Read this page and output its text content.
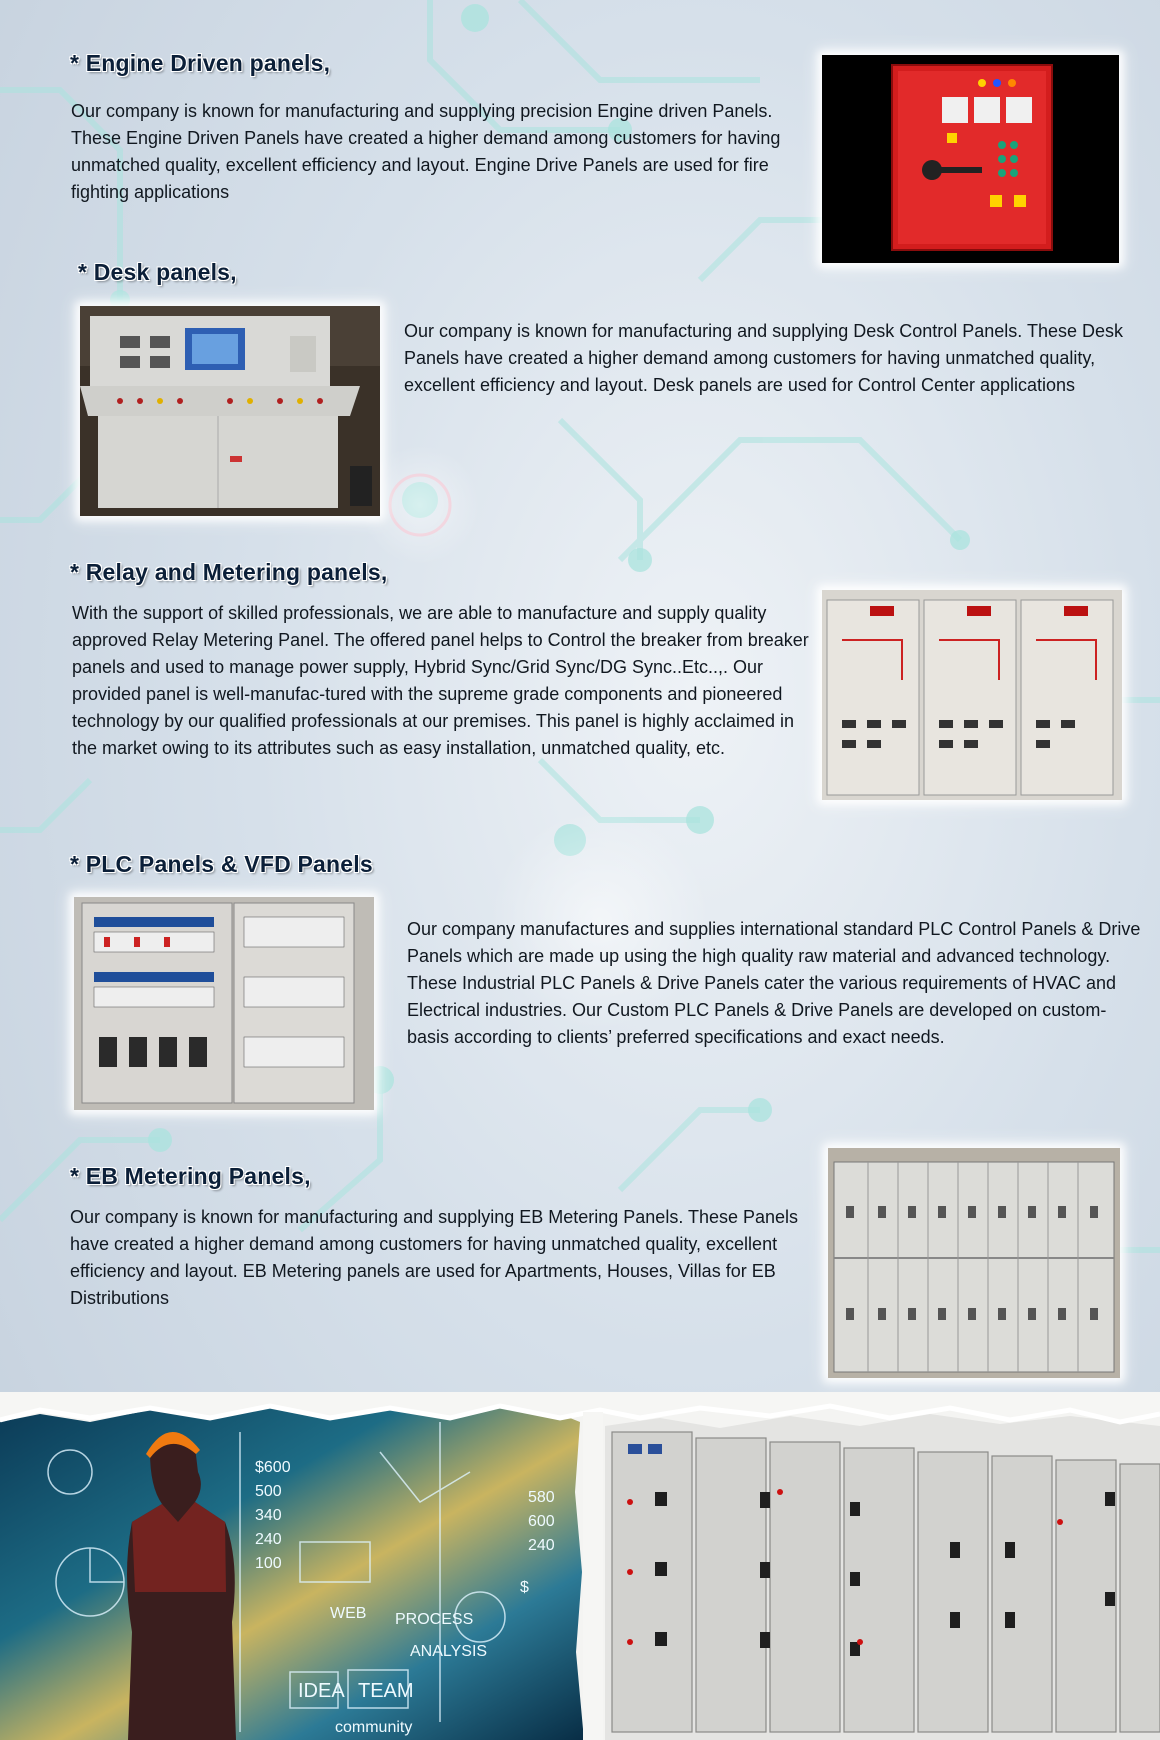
* Engine Driven panels,

Our company is known for manufacturing and supplying precision Engine driven Panels. These Engine Driven Panels have created a higher demand among customers for having unmatched quality, excellent efficiency and layout. Engine Drive Panels are used for fire fighting applications

* Desk panels,

Our company is known for manufacturing and supplying Desk Control Panels. These Desk Panels have created a higher demand among customers for having unmatched quality, excellent efficiency and layout. Desk panels are used for Control Center applications

* Relay and Metering panels,

With the support of skilled professionals, we are able to manufacture and supply quality approved Relay Metering Panel. The offered panel helps to Control the breaker from breaker panels and used to manage power supply, Hybrid Sync/Grid Sync/DG Sync..Etc..,. Our provided panel is well-manufac-tured with the supreme grade components and pioneered technology by our qualified professionals at our premises. This panel is highly acclaimed in the market owing to its attributes such as easy installation, unmatched quality, etc.

* PLC Panels & VFD Panels

Our company manufactures and supplies international standard PLC Control Panels & Drive Panels which are made up using the high quality raw material and advanced technology. These Industrial PLC Panels & Drive Panels cater the various requirements of HVAC and Electrical industries. Our Custom PLC Panels & Drive Panels are developed on custom-basis according to clients’ preferred specifications and exact needs.

* EB Metering Panels,

Our company is known for manufacturing and supplying EB Metering Panels. These Panels have created a higher demand among customers for having unmatched quality, excellent efficiency and layout. EB Metering panels are used for Apartments, Houses, Villas for EB Distributions

$600
500
340
240
100
580
600
240
$
WEB
IDEA TEAM
PROCESS
ANALYSIS
community
